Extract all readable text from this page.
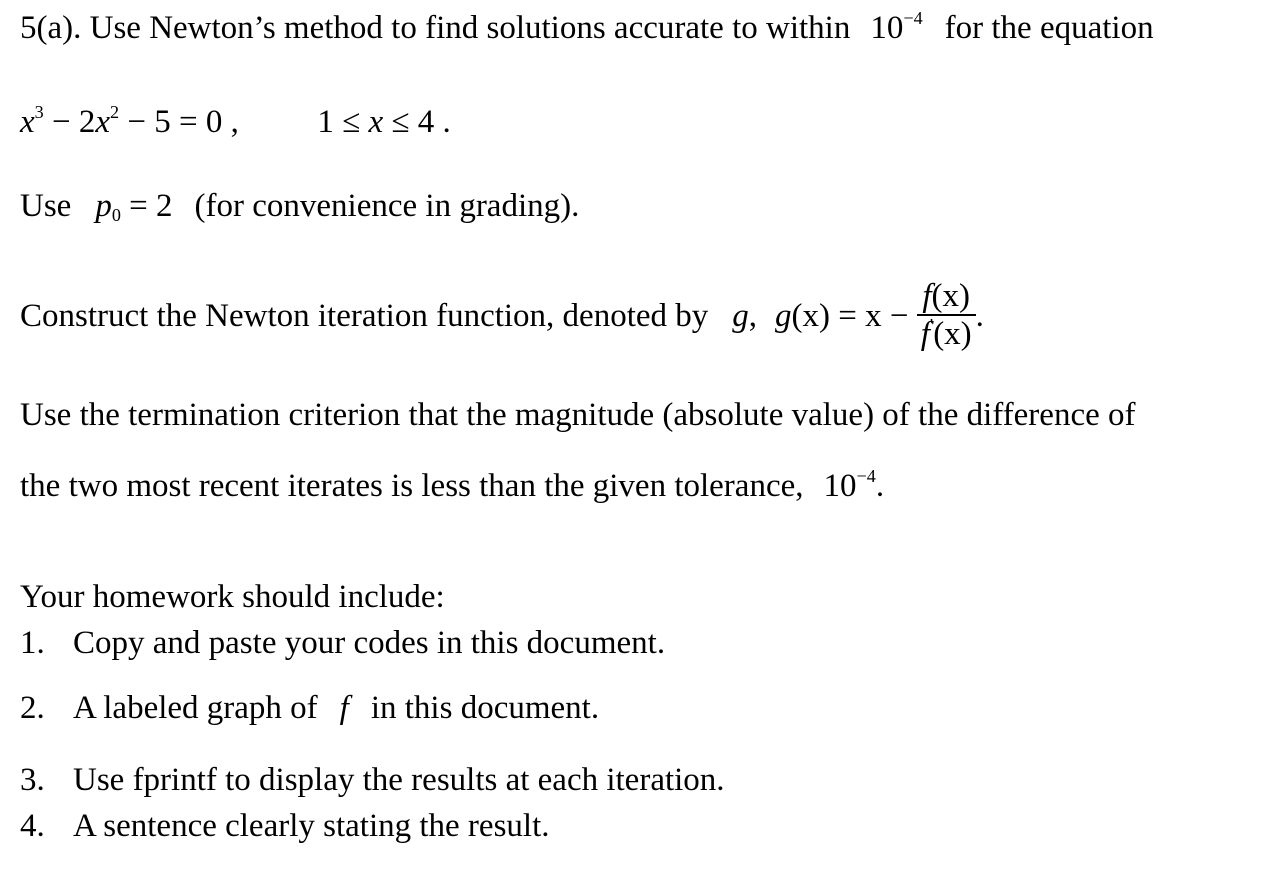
5(a). Use Newton’s method to find solutions accurate to within $10^{-4}$ for the equation
$x^3 - 2x^2 - 5 = 0$ , 1 ≤ x ≤ 4 .
Use $p_0 = 2$ (for convenience in grading).
Construct the Newton iteration function, denoted by g, $g(x) = x - \frac{f(x)}{f'(x)}$ .
Use the termination criterion that the magnitude (absolute value) of the difference of
the two most recent iterates is less than the given tolerance, $10^{-4}$.
Your homework should include:
1. Copy and paste your codes in this document.
2. A labeled graph of f in this document.
3. Use fprintf to display the results at each iteration.
4. A sentence clearly stating the result.
